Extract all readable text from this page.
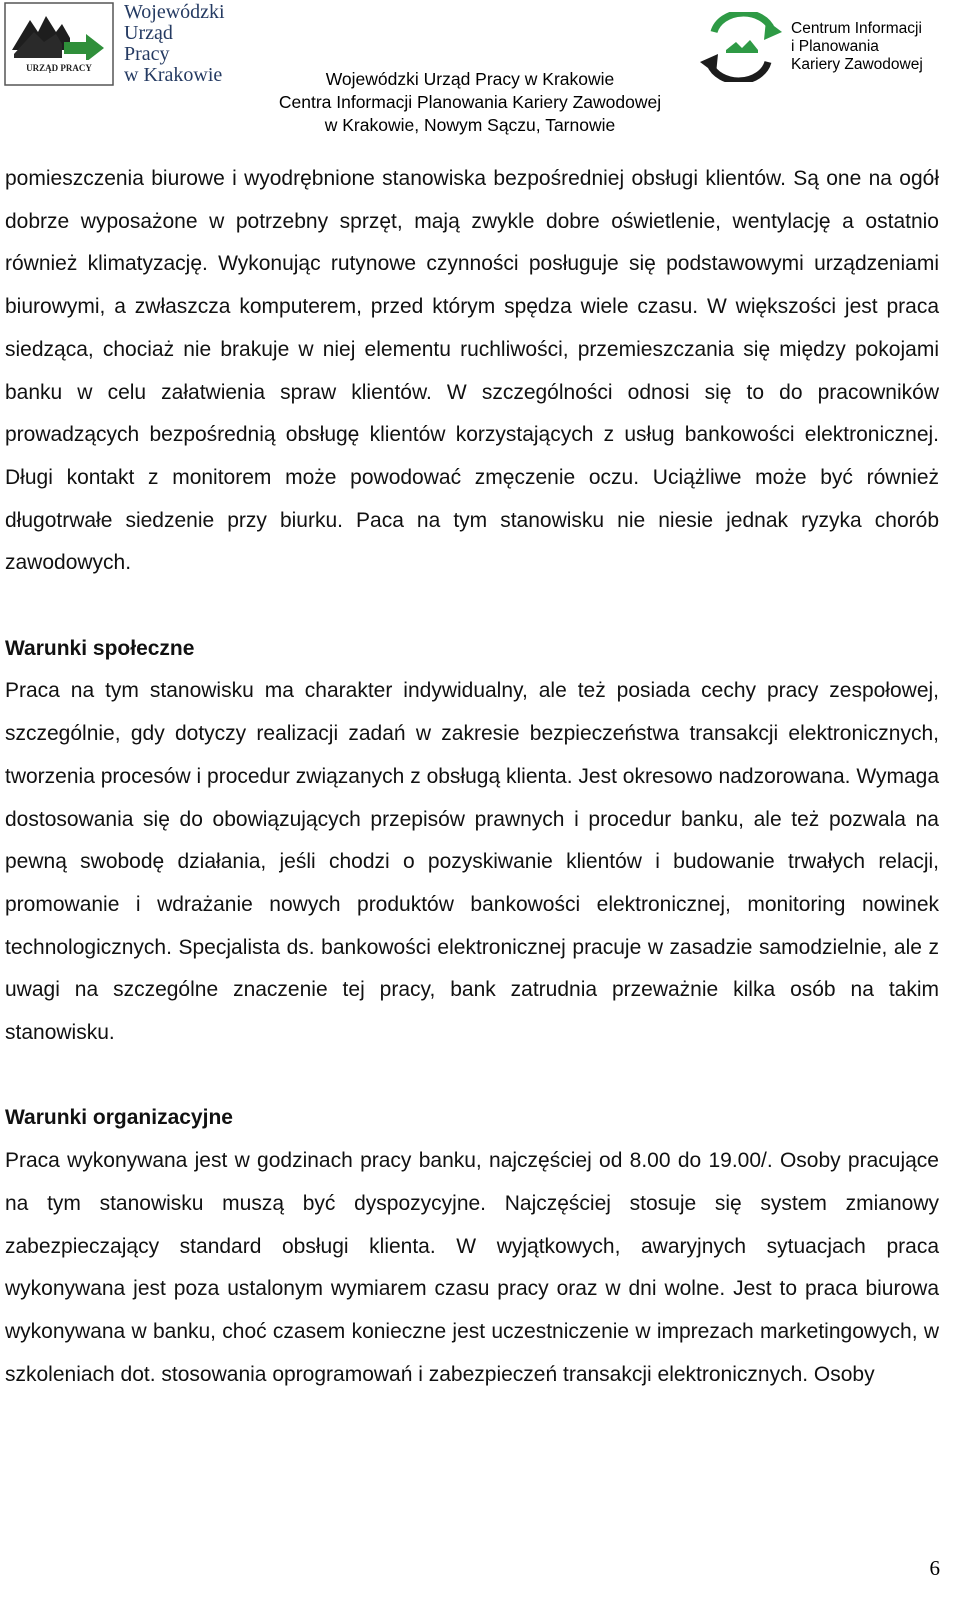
URZĄD PRACY
Wojewódzki
Urząd
Pracy
w Krakowie	Wojewódzki Urząd Pracy w Krakowie
Centra Informacji Planowania Kariery Zawodowej
w Krakowie, Nowym Sączu, Tarnowie
Centrum Informacji
i Planowania
Kariery Zawodowej

pomieszczenia biurowe i wyodrębnione stanowiska bezpośredniej obsługi klientów. Są one na ogół dobrze wyposażone w potrzebny sprzęt, mają zwykle dobre oświetlenie, wentylację a ostatnio również klimatyzację. Wykonując rutynowe czynności posługuje się podstawowymi urządzeniami biurowymi, a zwłaszcza komputerem, przed którym spędza wiele czasu. W większości jest praca siedząca, chociaż nie brakuje w niej elementu ruchliwości, przemieszczania się między pokojami banku w celu załatwienia spraw klientów. W szczególności odnosi się to do pracowników prowadzących bezpośrednią obsługę klientów korzystających z usług bankowości elektronicznej. Długi kontakt z monitorem może powodować zmęczenie oczu. Uciążliwe może być również długotrwałe siedzenie przy biurku. Paca na tym stanowisku nie niesie jednak ryzyka chorób zawodowych.

Warunki społeczne

Praca na tym stanowisku ma charakter indywidualny, ale też posiada cechy pracy zespołowej, szczególnie, gdy dotyczy realizacji zadań w zakresie bezpieczeństwa transakcji elektronicznych, tworzenia procesów i procedur związanych z obsługą klienta. Jest okresowo nadzorowana. Wymaga dostosowania się do obowiązujących przepisów prawnych i procedur banku, ale też pozwala na pewną swobodę działania, jeśli chodzi o pozyskiwanie klientów i budowanie trwałych relacji, promowanie i wdrażanie nowych produktów bankowości elektronicznej, monitoring nowinek technologicznych. Specjalista ds. bankowości elektronicznej pracuje w zasadzie samodzielnie, ale z uwagi na szczególne znaczenie tej pracy, bank zatrudnia przeważnie kilka osób na takim stanowisku.

Warunki organizacyjne

Praca wykonywana jest w godzinach pracy banku, najczęściej od 8.00 do 19.00/. Osoby pracujące na tym stanowisku muszą być dyspozycyjne. Najczęściej stosuje się system zmianowy zabezpieczający standard obsługi klienta. W wyjątkowych, awaryjnych sytuacjach praca wykonywana jest poza ustalonym wymiarem czasu pracy oraz w dni wolne. Jest to praca biurowa wykonywana w banku, choć czasem konieczne jest uczestniczenie w imprezach marketingowych, w szkoleniach dot. stosowania oprogramowań i zabezpieczeń transakcji elektronicznych. Osoby

6
